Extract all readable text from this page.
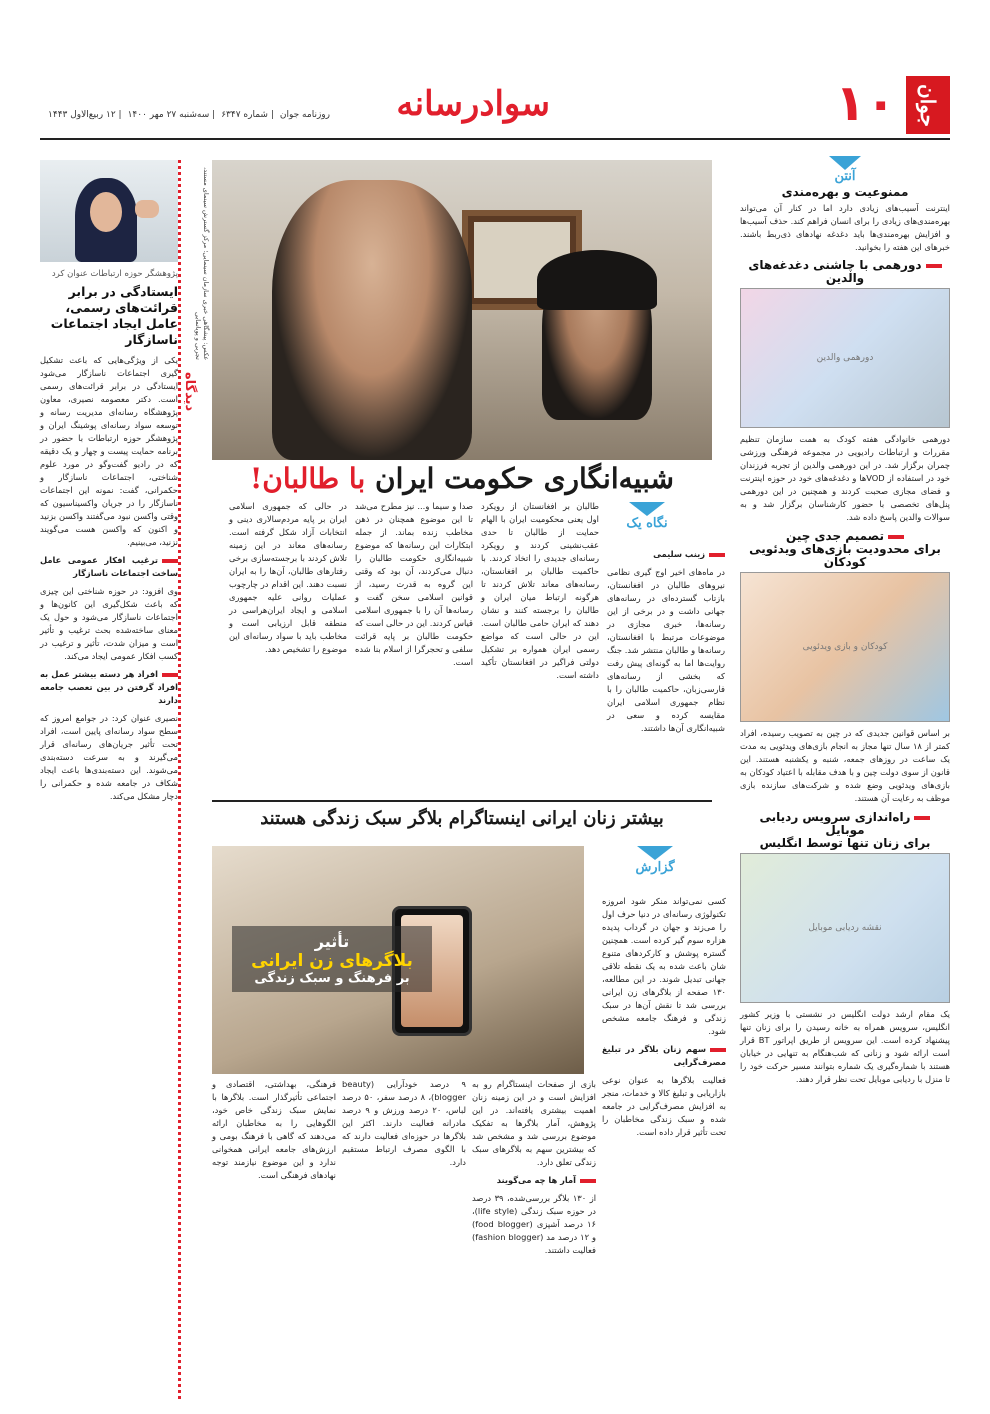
جوان
۱۰
سوادرسانه
روزنامه جوان| شماره ۶۳۴۷| سه‌شنبه ۲۷ مهر ۱۴۰۰| ۱۲ ربیع‌الاول ۱۴۴۳
آنتن
ممنوعیت و بهره‌مندی

اینترنت آسیب‌های زیادی دارد اما در کنار آن می‌تواند بهره‌مندی‌های زیادی را برای انسان فراهم کند. حذف آسیب‌ها و افزایش بهره‌مندی‌ها باید دغدغه نهادهای ذی‌ربط باشند. خبرهای این هفته را بخوانید.

دورهمی با چاشنی دغدغه‌های والدین
دورهمی والدین

دورهمی خانوادگی هفته کودک به همت سازمان تنظیم مقررات و ارتباطات رادیویی در مجموعه فرهنگی ورزشی چمران برگزار شد. در این دورهمی والدین از تجربه فرزندان خود در استفاده از VODها و دغدغه‌های خود در حوزه اینترنت و فضای مجازی صحبت کردند و همچنین در این دورهمی پنل‌های تخصصی با حضور کارشناسان برگزار شد و به سوالات والدین پاسخ داده شد.

تصمیم جدی چین
برای محدودیت بازی‌های ویدئویی کودکان
کودکان و بازی ویدئویی

بر اساس قوانین جدیدی که در چین به تصویب رسیده، افراد کمتر از ۱۸ سال تنها مجاز به انجام بازی‌های ویدئویی به مدت یک ساعت در روزهای جمعه، شنبه و یکشنبه هستند. این قانون از سوی دولت چین و با هدف مقابله با اعتیاد کودکان به بازی‌های ویدئویی وضع شده و شرکت‌های سازنده بازی موظف به رعایت آن هستند.

راه‌اندازی سرویس ردیابی موبایل
برای زنان تنها توسط انگلیس
نقشه ردیابی موبایل

یک مقام ارشد دولت انگلیس در نشستی با وزیر کشور انگلیس، سرویس همراه به خانه رسیدن را برای زنان تنها پیشنهاد کرده است. این سرویس از طریق اپراتور BT قرار است ارائه شود و زنانی که شب‌هنگام به تنهایی در خیابان هستند با شماره‌گیری یک شماره بتوانند مسیر حرکت خود را تا منزل با ردیابی موبایل تحت نظر قرار دهند.

عکس: پیشگاهی خبری سازمان سینمایی؛ مرکز گسترش سینمای مستند، تجربی و پویانمایی
شبیه‌انگاری حکومت ایران با طالبان!
نگاه یک

زینب سلیمی

در ماه‌های اخیر اوج گیری نظامی نیروهای طالبان در افغانستان، بازتاب گسترده‌ای در رسانه‌های جهانی داشت و در برخی از این رسانه‌ها، خبری مجازی در موضوعات مرتبط با افغانستان، رسانه‌ها و طالبان منتشر شد. جنگ روایت‌ها اما به گونه‌ای پیش رفت که بخشی از رسانه‌های فارسی‌زبان، حاکمیت طالبان را با نظام جمهوری اسلامی ایران مقایسه کرده و سعی در شبیه‌انگاری آن‌ها داشتند.

طالبان بر افغانستان از رویکرد اول یعنی محکومیت ایران با الهام حمایت از طالبان تا حدی عقب‌نشینی کردند و رویکرد رسانه‌ای جدیدی را اتخاذ کردند. با حاکمیت طالبان بر افغانستان، رسانه‌های معاند تلاش کردند تا هرگونه ارتباط میان ایران و طالبان را برجسته کنند و نشان دهند که ایران حامی طالبان است. این در حالی است که مواضع رسمی ایران همواره بر تشکیل دولتی فراگیر در افغانستان تأکید داشته است.

صدا و سیما و... نیز مطرح می‌شد تا این موضوع همچنان در ذهن مخاطب زنده بماند. از جمله ابتکارات این رسانه‌ها که موضوع شبیه‌انگاری حکومت طالبان را دنبال می‌کردند، آن بود که وقتی این گروه به قدرت رسید، از قوانین اسلامی سخن گفت و رسانه‌ها آن را با جمهوری اسلامی قیاس کردند. این در حالی است که حکومت طالبان بر پایه قرائت سلفی و تحجرگرا از اسلام بنا شده است.

در حالی که جمهوری اسلامی ایران بر پایه مردم‌سالاری دینی و انتخابات آزاد شکل گرفته است. رسانه‌های معاند در این زمینه تلاش کردند با برجسته‌سازی برخی رفتارهای طالبان، آن‌ها را به ایران نسبت دهند. این اقدام در چارچوب عملیات روانی علیه جمهوری اسلامی و ایجاد ایران‌هراسی در منطقه قابل ارزیابی است و مخاطب باید با سواد رسانه‌ای این موضوع را تشخیص دهد.

بیشتر زنان ایرانی اینستاگرام بلاگر سبک زندگی هستند
گزارش
تأثیر
بلاگرهای زن ایرانی
بر فرهنگ و سبک زندگی

کسی نمی‌تواند منکر شود امروزه تکنولوژی رسانه‌ای در دنیا حرف اول را می‌زند و جهان در گرداب پدیده هزاره سوم گیر کرده است. همچنین گستره پوشش و کارکردهای متنوع شان باعث شده به یک نقطه تلاقی جهانی تبدیل شوند. در این مطالعه، ۱۳۰ صفحه از بلاگرهای زن ایرانی بررسی شد تا نقش آن‌ها در سبک زندگی و فرهنگ جامعه مشخص شود.

سهم زنان بلاگر در تبلیغ مصرف‌گرایی

فعالیت بلاگرها به عنوان نوعی بازاریابی و تبلیغ کالا و خدمات، منجر به افزایش مصرف‌گرایی در جامعه شده و سبک زندگی مخاطبان را تحت تأثیر قرار داده است.

بازی از صفحات اینستاگرام رو به افزایش است و در این زمینه زنان اهمیت بیشتری یافته‌اند. در این پژوهش، آمار بلاگرها به تفکیک موضوع بررسی شد و مشخص شد که بیشترین سهم به بلاگرهای سبک زندگی تعلق دارد.

آمار ها چه می‌گویند

از ۱۳۰ بلاگر بررسی‌شده، ۳۹ درصد در حوزه سبک زندگی (life style)، ۱۶ درصد آشپزی (food blogger) و ۱۲ درصد مد (fashion blogger) فعالیت داشتند.

۹ درصد خودآرایی (beauty blogger)، ۸ درصد سفر، ۵۰ درصد لباس، ۲۰ درصد ورزش و ۹ درصد مادرانه فعالیت دارند. اکثر این بلاگرها در حوزه‌ای فعالیت دارند که با الگوی مصرف ارتباط مستقیم دارد.

فرهنگی، بهداشتی، اقتصادی و اجتماعی تأثیرگذار است. بلاگرها با نمایش سبک زندگی خاص خود، الگوهایی را به مخاطبان ارائه می‌دهند که گاهی با فرهنگ بومی و ارزش‌های جامعه ایرانی همخوانی ندارد و این موضوع نیازمند توجه نهادهای فرهنگی است.

دیدگاه
پژوهشگر حوزه ارتباطات عنوان کرد
ایستادگی در برابر قرائت‌های رسمی، عامل ایجاد اجتماعات ناسازگار

یکی از ویژگی‌هایی که باعث تشکیل گیری اجتماعات ناسازگار می‌شود ایستادگی در برابر قرائت‌های رسمی است. دکتر معصومه نصیری، معاون پژوهشگاه رسانه‌ای مدیریت رسانه و توسعه سواد رسانه‌ای پوشینگ ایران و پژوهشگر حوزه ارتباطات با حضور در برنامه حمایت پیست و چهار و یک دقیقه که در رادیو گفت‌وگو در مورد علوم شناختی، اجتماعات ناسازگار و حکمرانی، گفت: نمونه این اجتماعات ناسازگار را در جریان واکسیناسیون که وقتی واکسن نبود می‌گفتند واکسن بزنید و اکنون که واکسن هست می‌گویند نزنید، می‌بینیم.

ترغیب افکار عمومی عامل ساخت اجتماعات ناسازگار

وی افزود: در حوزه شناختی این چیزی که باعث شکل‌گیری این کانون‌ها و اجتماعات ناسازگار می‌شود و حول یک معنای ساخته‌شده بحث ترغیب و تأثیر است و میزان شدت، تأثیر و ترغیب در کسب افکار عمومی ایجاد می‌کند.

افراد هر دسته بیشتر عمل به افراد گرفتن در بین تعصب جامعه دارند

نصیری عنوان کرد: در جوامع امروز که سطح سواد رسانه‌ای پایین است، افراد تحت تأثیر جریان‌های رسانه‌ای قرار می‌گیرند و به سرعت دسته‌بندی می‌شوند. این دسته‌بندی‌ها باعث ایجاد شکاف در جامعه شده و حکمرانی را دچار مشکل می‌کند.
